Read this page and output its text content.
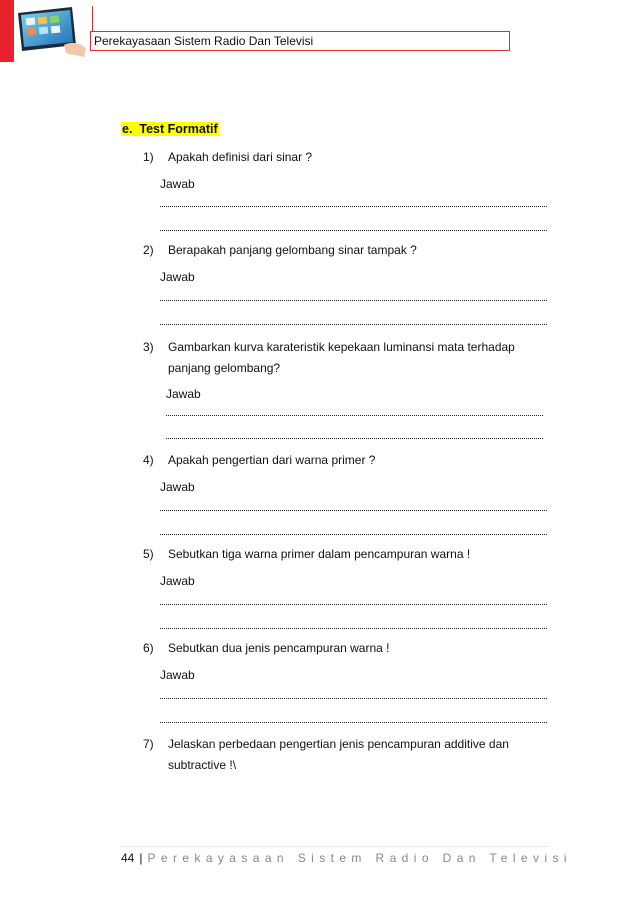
Perekayasaan Sistem Radio Dan Televisi
e. Test Formatif
1) Apakah definisi dari sinar ?
Jawab
2) Berapakah panjang gelombang sinar tampak ?
Jawab
3) Gambarkan kurva karateristik kepekaan luminansi mata terhadap
panjang gelombang?
Jawab
4) Apakah pengertian dari warna primer ?
Jawab
5) Sebutkan tiga warna primer dalam pencampuran warna !
Jawab
6) Sebutkan dua jenis pencampuran warna !
Jawab
7) Jelaskan perbedaan pengertian jenis pencampuran additive dan
subtractive !\
44 | Perekayasaan Sistem Radio Dan Televisi
